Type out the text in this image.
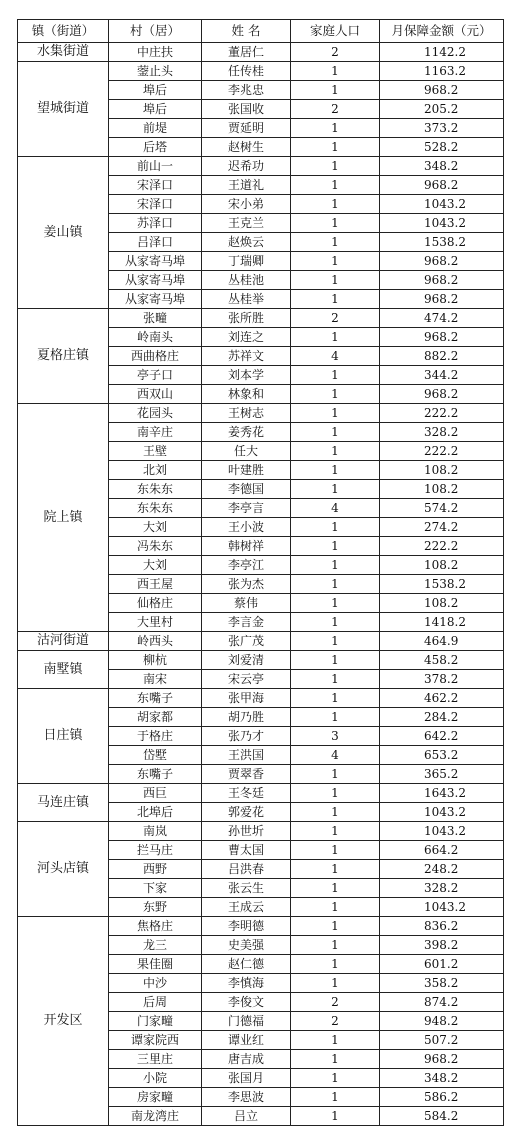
镇（街道）	村（居）	姓 名	家庭人口	月保障金额（元）
水集街道	中庄扶	董居仁	2	1142.2
望城街道	蓥止头	任传桂	1	1163.2
	埠后	李兆忠	1	968.2
	埠后	张国收	2	205.2
	前堤	贾延明	1	373.2
	后塔	赵树生	1	528.2
姜山镇	前山一	迟希功	1	348.2
	宋泽口	王道礼	1	968.2
	宋泽口	宋小弟	1	1043.2
	苏泽口	王克兰	1	1043.2
	吕泽口	赵焕云	1	1538.2
	从家寄马埠	丁瑞卿	1	968.2
	从家寄马埠	丛桂池	1	968.2
	从家寄马埠	丛桂举	1	968.2
夏格庄镇	张疃	张所胜	2	474.2
	岭南头	刘连之	1	968.2
	西曲格庄	苏祥文	4	882.2
	亭子口	刘本学	1	344.2
	西双山	林象和	1	968.2
院上镇	花园头	王树志	1	222.2
	南辛庄	姜秀花	1	328.2
	王壁	任大	1	222.2
	北刘	叶建胜	1	108.2
	东朱东	李德国	1	108.2
	东朱东	李亭言	4	574.2
	大刘	王小波	1	274.2
	冯朱东	韩树祥	1	222.2
	大刘	李亭江	1	108.2
	西王屋	张为杰	1	1538.2
	仙格庄	蔡伟	1	108.2
	大里村	李言金	1	1418.2
沽河街道	岭西头	张广茂	1	464.9
南墅镇	柳杭	刘爱清	1	458.2
	南宋	宋云亭	1	378.2
日庄镇	东嘴子	张甲海	1	462.2
	胡家都	胡乃胜	1	284.2
	于格庄	张乃才	3	642.2
	岱墅	王洪国	4	653.2
	东嘴子	贾翠香	1	365.2
马连庄镇	西巨	王冬廷	1	1643.2
	北埠后	郭爱花	1	1043.2
河头店镇	南岚	孙世圻	1	1043.2
	拦马庄	曹太国	1	664.2
	西野	吕洪春	1	248.2
	下家	张云生	1	328.2
	东野	王成云	1	1043.2
开发区	焦格庄	李明德	1	836.2
	龙三	史美强	1	398.2
	果佳圈	赵仁德	1	601.2
	中沙	李慎海	1	358.2
	后周	李俊文	2	874.2
	门家疃	门德福	2	948.2
	谭家院西	谭业红	1	507.2
	三里庄	唐吉成	1	968.2
	小院	张国月	1	348.2
	房家疃	李思波	1	586.2
	南龙湾庄	吕立	1	584.2
